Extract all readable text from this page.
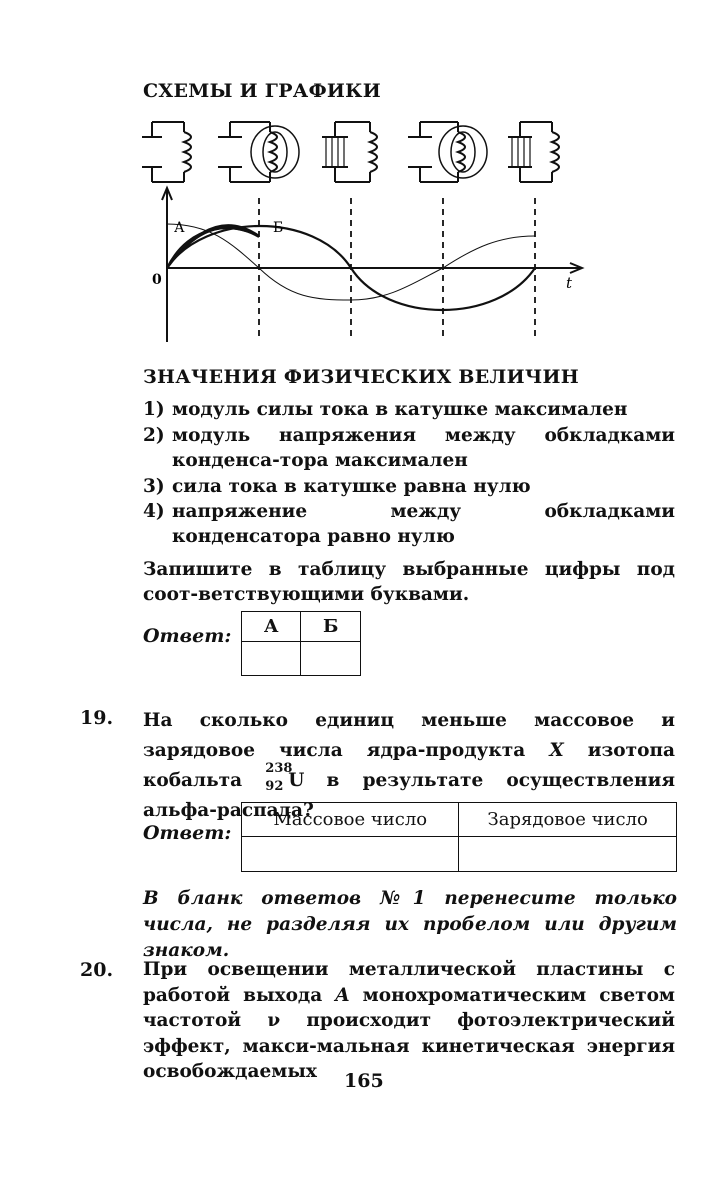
СХЕМЫ И ГРАФИКИ
А	Б
0	t
ЗНАЧЕНИЯ ФИЗИЧЕСКИХ ВЕЛИЧИН
1) модуль силы тока в катушке максимален
2) модуль напряжения между обкладками конденса-тора максимален
3) сила тока в катушке равна нулю
4) напряжение между обкладками конденсатора равно нулю
Запишите в таблицу выбранные цифры под соот-ветствующими буквами.
Ответ: А	Б

19. На сколько единиц меньше массовое и зарядовое числа ядра-продукта X изотопа кобальта
238
92 U в результате осуществления альфа-распада?
Ответ:
Массовое число	Зарядовое число

В бланк ответов №1 перенесите только числа, не разделяя их пробелом или другим знаком.
20. При освещении металлической пластины с работой выхода A монохроматическим светом частотой ν происходит фотоэлектрический эффект, макси-мальная кинетическая энергия освобождаемых	165
